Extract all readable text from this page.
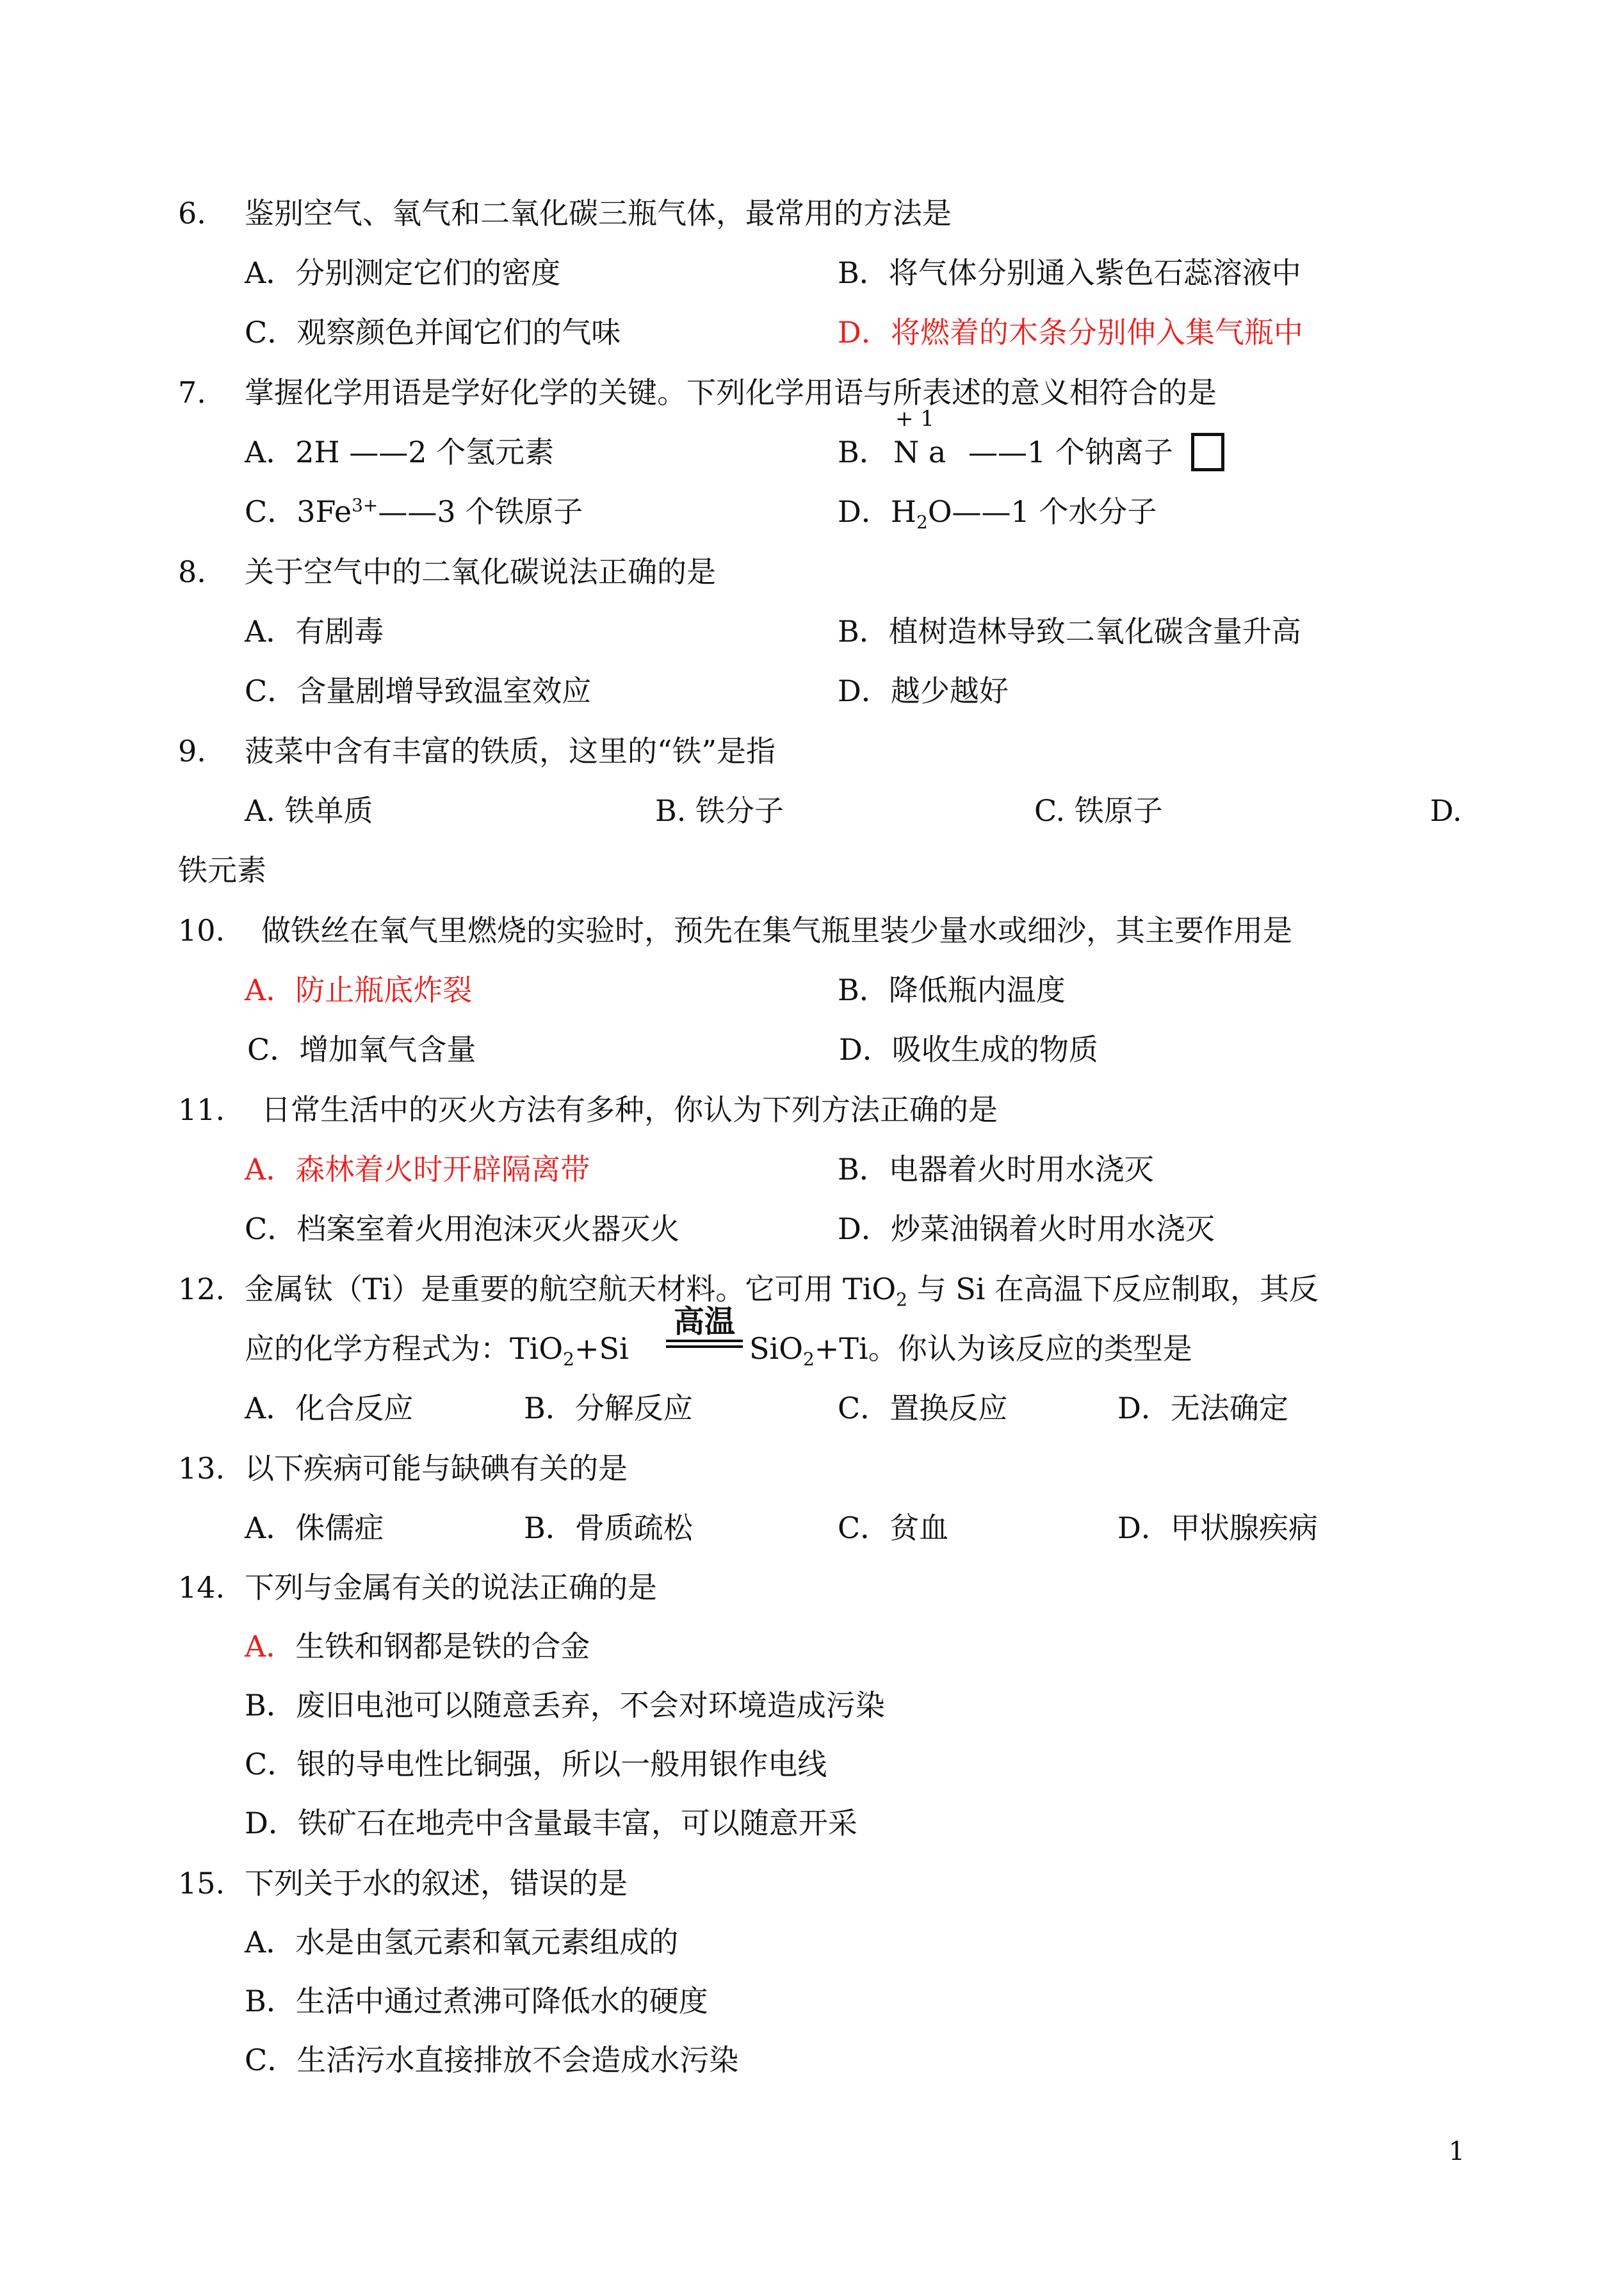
6. 鉴别空气、氧气和二氧化碳三瓶气体，最常用的方法是
A．分别测定它们的密度	B．将气体分别通入紫色石蕊溶液中
C．观察颜色并闻它们的气味	D．将燃着的木条分别伸入集气瓶中
7. 掌握化学用语是学好化学的关键。下列化学用语与所表述的意义相符合的是
A．2H ——2 个氢元素	B．
+ 1
N a ——1 个钠离子
C．$3Fe^{3+}——3$ 个铁原子	D．$H_2O——1$ 个水分子
8. 关于空气中的二氧化碳说法正确的是
A．有剧毒	B．植树造林导致二氧化碳含量升高
C．含量剧增导致温室效应	D．越少越好
9. 菠菜中含有丰富的铁质，这里的“铁”是指
A. 铁单质	B. 铁分子	C. 铁原子	D.
铁元素
10. 做铁丝在氧气里燃烧的实验时，预先在集气瓶里装少量水或细沙，其主要作用是
A．防止瓶底炸裂	B．降低瓶内温度
C．增加氧气含量	D．吸收生成的物质
11. 日常生活中的灭火方法有多种，你认为下列方法正确的是
A．森林着火时开辟隔离带	B．电器着火时用水浇灭
C．档案室着火用泡沫灭火器灭火	D．炒菜油锅着火时用水浇灭
12. 金属钛（Ti）是重要的航空航天材料。它可用 TiO$_2$ 与 Si 在高温下反应制取，其反
应的化学方程式为：TiO$_2$+Si
高温
SiO$_2$+Ti。你认为该反应的类型是
A．化合反应	B．分解反应	C．置换反应	D．无法确定
13. 以下疾病可能与缺碘有关的是
A．侏儒症	B．骨质疏松	C．贫血	D．甲状腺疾病
14. 下列与金属有关的说法正确的是
A．生铁和钢都是铁的合金
B．废旧电池可以随意丢弃，不会对环境造成污染
C．银的导电性比铜强，所以一般用银作电线
D．铁矿石在地壳中含量最丰富，可以随意开采
15. 下列关于水的叙述，错误的是
A．水是由氢元素和氧元素组成的
B．生活中通过煮沸可降低水的硬度
C．生活污水直接排放不会造成水污染
1
